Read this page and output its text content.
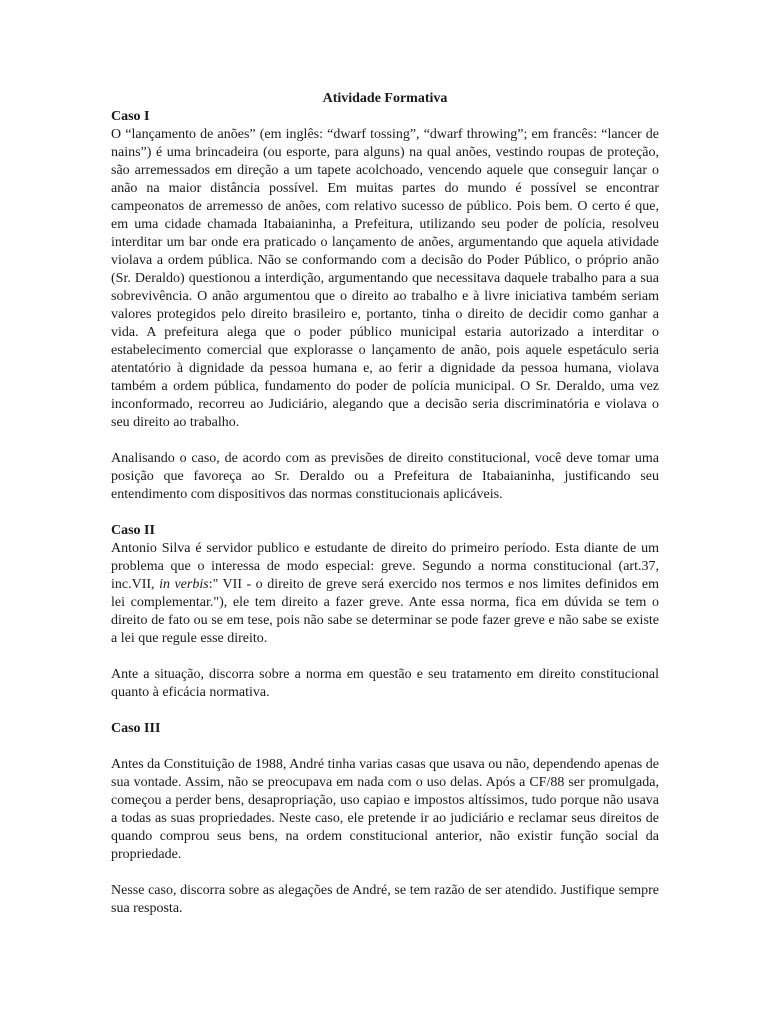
Atividade Formativa
Caso I

O “lançamento de anões” (em inglês: “dwarf tossing”, “dwarf throwing”; em francês: “lancer de nains”) é uma brincadeira (ou esporte, para alguns) na qual anões, vestindo roupas de proteção, são arremessados em direção a um tapete acolchoado, vencendo aquele que conseguir lançar o anão na maior distância possível. Em muitas partes do mundo é possível se encontrar campeonatos de arremesso de anões, com relativo sucesso de público. Pois bem. O certo é que, em uma cidade chamada Itabaianinha, a Prefeitura, utilizando seu poder de polícia, resolveu interditar um bar onde era praticado o lançamento de anões, argumentando que aquela atividade violava a ordem pública. Não se conformando com a decisão do Poder Público, o próprio anão (Sr. Deraldo) questionou a interdição, argumentando que necessitava daquele trabalho para a sua sobrevivência. O anão argumentou que o direito ao trabalho e à livre iniciativa também seriam valores protegidos pelo direito brasileiro e, portanto, tinha o direito de decidir como ganhar a vida. A prefeitura alega que o poder público municipal estaria autorizado a interditar o estabelecimento comercial que explorasse o lançamento de anão, pois aquele espetáculo seria atentatório à dignidade da pessoa humana e, ao ferir a dignidade da pessoa humana, violava também a ordem pública, fundamento do poder de polícia municipal. O Sr. Deraldo, uma vez inconformado, recorreu ao Judiciário, alegando que a decisão seria discriminatória e violava o seu direito ao trabalho.

Analisando o caso, de acordo com as previsões de direito constitucional, você deve tomar uma posição que favoreça ao Sr. Deraldo ou a Prefeitura de Itabaianinha, justificando seu entendimento com dispositivos das normas constitucionais aplicáveis.

Caso II

Antonio Silva é servidor publico e estudante de direito do primeiro período. Esta diante de um problema que o interessa de modo especial: greve. Segundo a norma constitucional (art.37, inc.VII, in verbis:" VII - o direito de greve será exercido nos termos e nos limites definidos em lei complementar."), ele tem direito a fazer greve. Ante essa norma, fica em dúvida se tem o direito de fato ou se em tese, pois não sabe se determinar se pode fazer greve e não sabe se existe a lei que regule esse direito.

Ante a situação, discorra sobre a norma em questão e seu tratamento em direito constitucional quanto à eficácia normativa.

Caso III

Antes da Constituição de 1988, André tinha varias casas que usava ou não, dependendo apenas de sua vontade. Assim, não se preocupava em nada com o uso delas. Após a CF/88 ser promulgada, começou a perder bens, desapropriação, uso capiao e impostos altíssimos, tudo porque não usava a todas as suas propriedades. Neste caso, ele pretende ir ao judiciário e reclamar seus direitos de quando comprou seus bens, na ordem constitucional anterior, não existir função social da propriedade.

Nesse caso, discorra sobre as alegações de André, se tem razão de ser atendido. Justifique sempre sua resposta.
